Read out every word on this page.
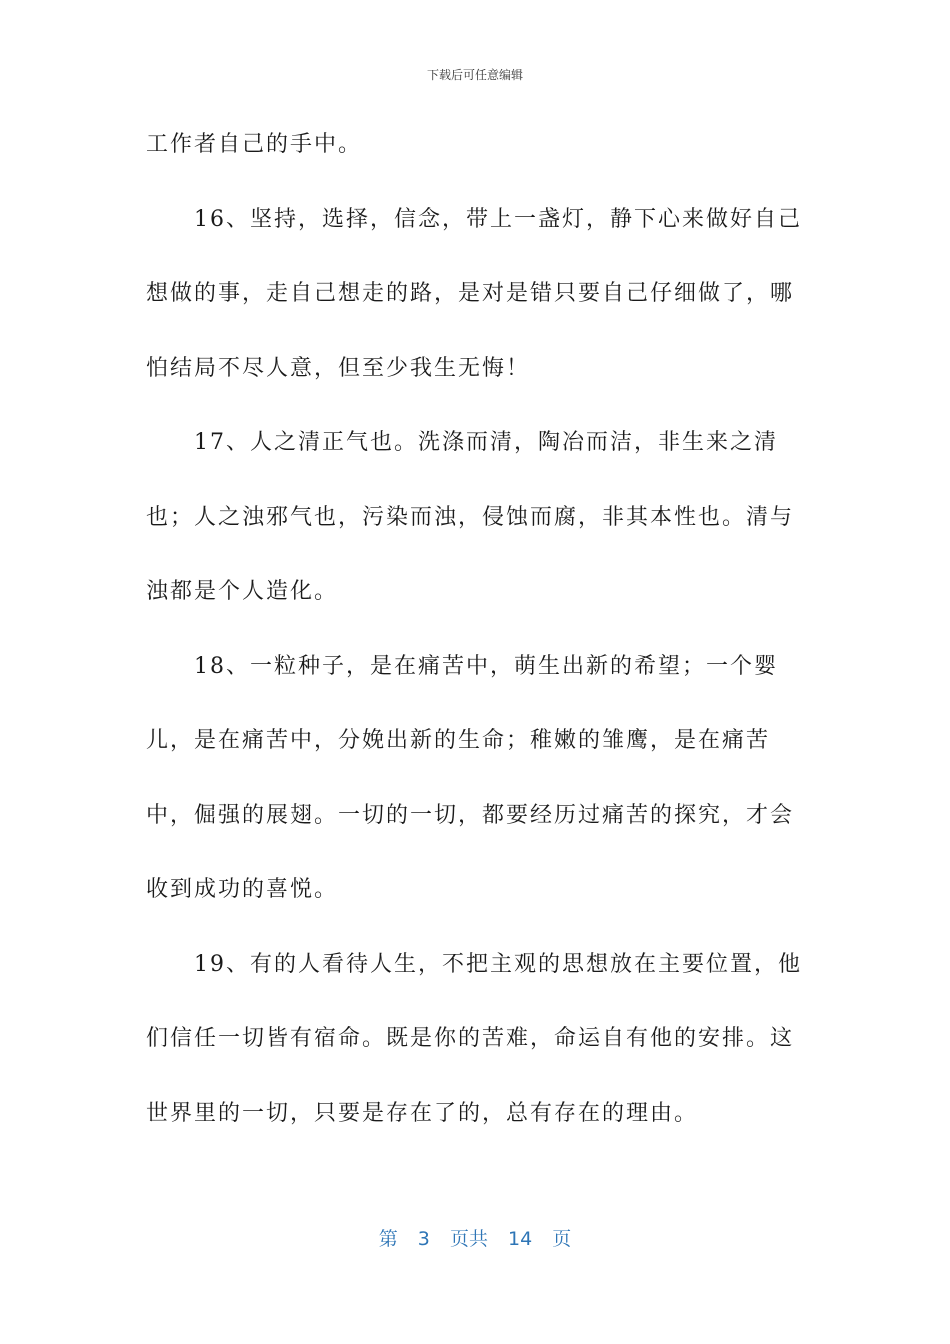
下载后可任意编辑

工作者自己的手中。

16、坚持，选择，信念，带上一盏灯，静下心来做好自己想做的事，走自己想走的路，是对是错只要自己仔细做了，哪怕结局不尽人意，但至少我生无悔！

17、人之清正气也。洗涤而清，陶冶而洁，非生来之清也；人之浊邪气也，污染而浊，侵蚀而腐，非其本性也。清与浊都是个人造化。

18、一粒种子，是在痛苦中，萌生出新的希望；一个婴儿，是在痛苦中，分娩出新的生命；稚嫩的雏鹰，是在痛苦中，倔强的展翅。一切的一切，都要经历过痛苦的探究，才会收到成功的喜悦。

19、有的人看待人生，不把主观的思想放在主要位置，他们信任一切皆有宿命。既是你的苦难，命运自有他的安排。这世界里的一切，只要是存在了的，总有存在的理由。

第 3 页共 14 页
